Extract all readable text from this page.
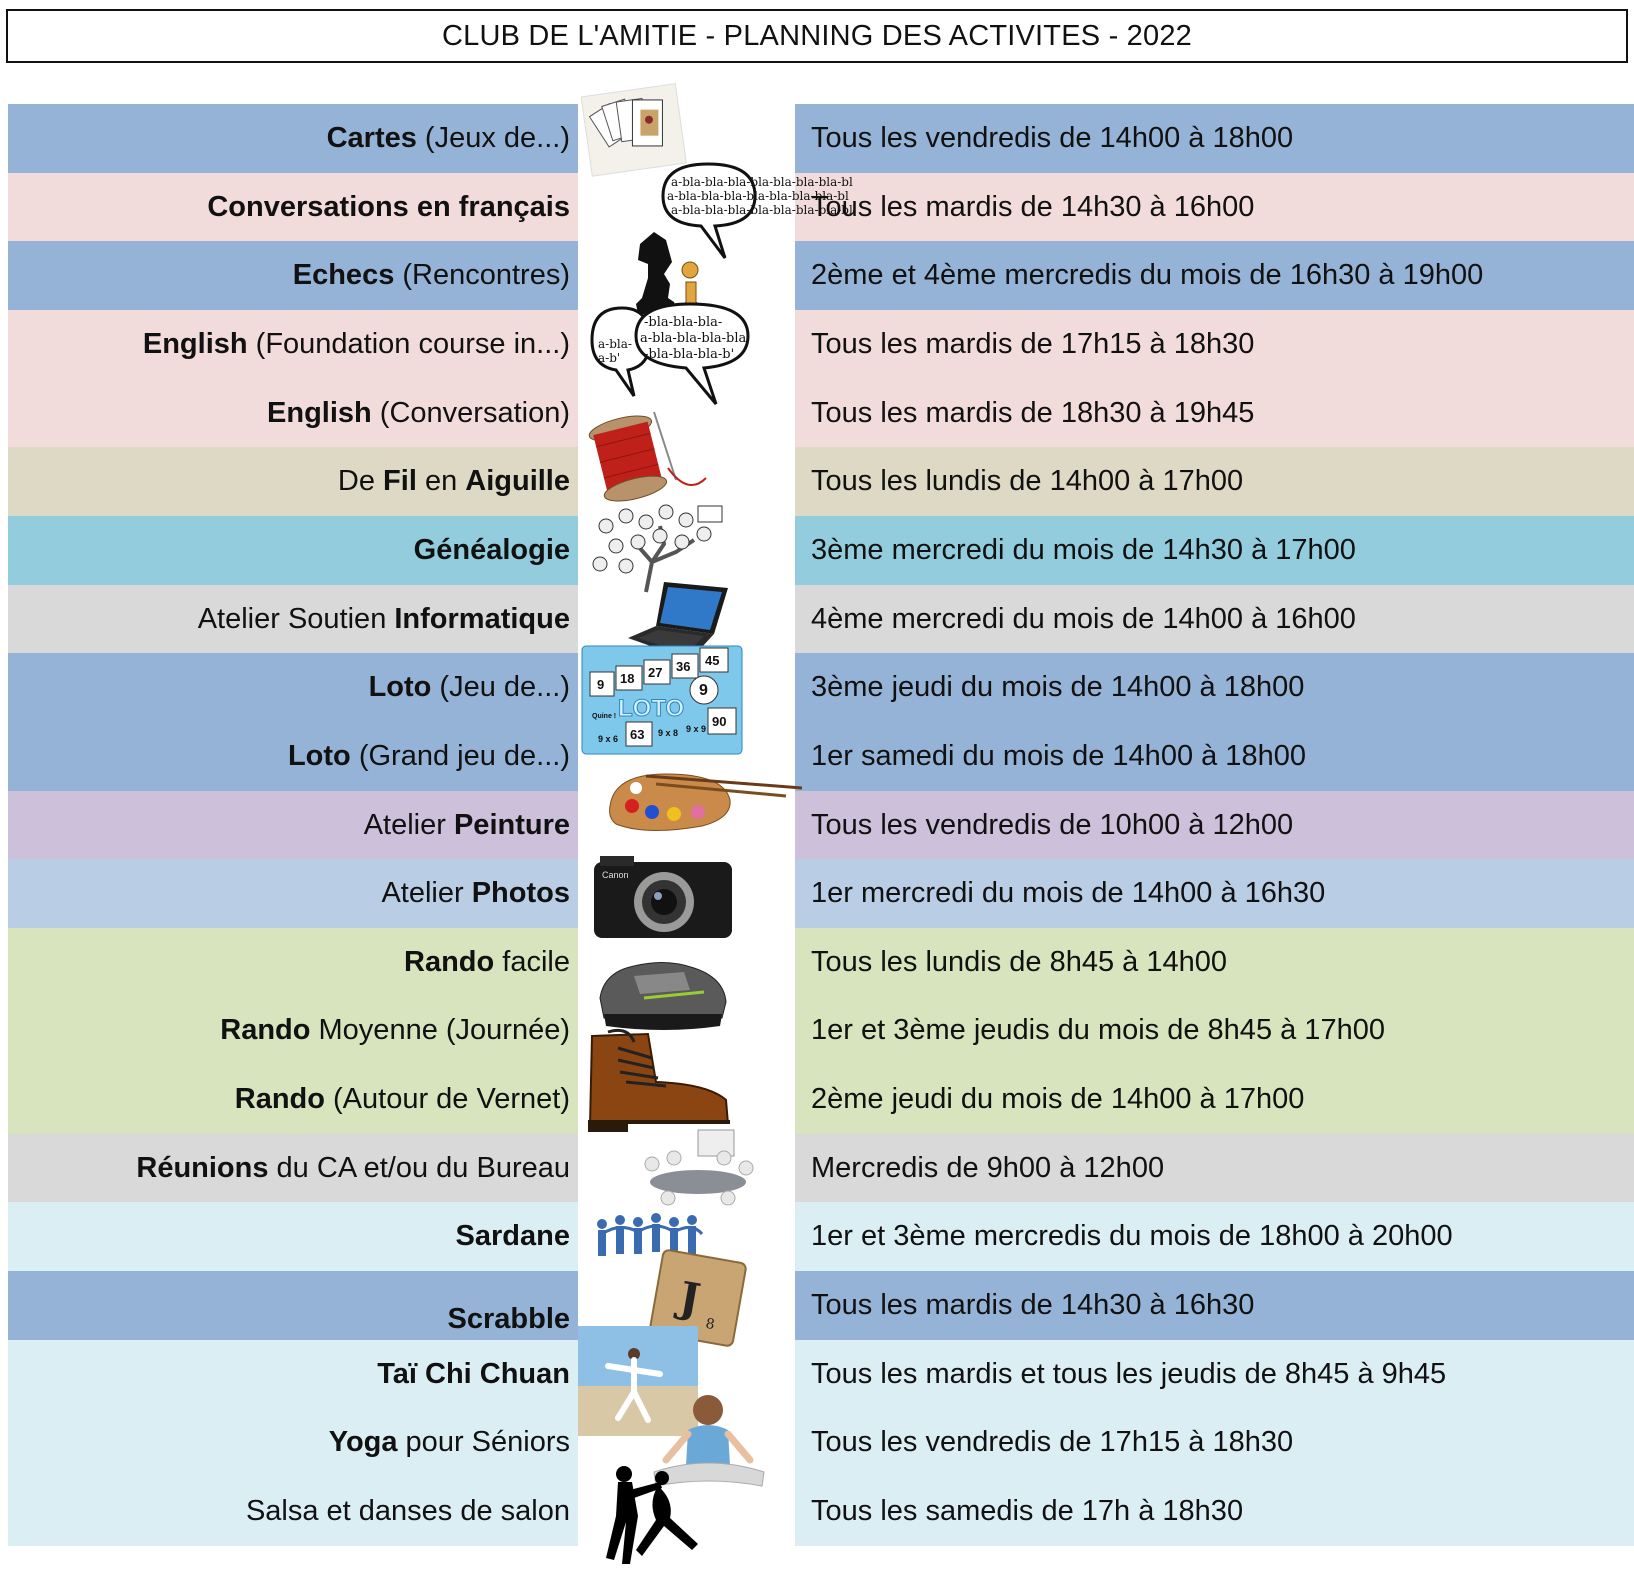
CLUB DE L'AMITIE - PLANNING DES ACTIVITES - 2022
Cartes (Jeux de...)	Tous les vendredis de 14h00 à 18h00
Conversations en français	Tous les mardis de 14h30 à 16h00
Echecs (Rencontres)	2ème et 4ème mercredis du mois de 16h30 à 19h00
English (Foundation course in...)	Tous les mardis de 17h15 à 18h30
English (Conversation)	Tous les mardis de 18h30 à 19h45
De Fil en Aiguille	Tous les lundis de 14h00 à 17h00
Généalogie	3ème mercredi du mois de 14h30 à 17h00
Atelier Soutien Informatique	4ème mercredi du mois de 14h00 à 16h00
Loto (Jeu de...)	3ème jeudi du mois de 14h00 à 18h00
Loto (Grand jeu de...)	1er samedi du mois de 14h00 à 18h00
Atelier Peinture	Tous les vendredis de 10h00 à 12h00
Atelier Photos	1er mercredi du mois de 14h00 à 16h30
Rando facile	Tous les lundis de 8h45 à 14h00
Rando Moyenne (Journée)	1er et 3ème jeudis du mois de 8h45 à 17h00
Rando (Autour de Vernet)	2ème jeudi du mois de 14h00 à 17h00
Réunions du CA et/ou du Bureau	Mercredis de 9h00 à 12h00
Sardane	1er et 3ème mercredis du mois de 18h00 à 20h00
Scrabble	Tous les mardis de 14h30 à 16h30
Taï Chi Chuan	Tous les mardis et tous les jeudis de 8h45 à 9h45
Yoga pour Séniors	Tous les vendredis de 17h15 à 18h30
Salsa et danses de salon	Tous les samedis de 17h à 18h30
a-bla-bla-bla-bla-bla-bla-bla-bl
a-bla-bla-bla-bla-bla-bla-bla-bl
a-bla-bla-bla-bla-bla-bla-bla-bl
a-bla-
a-b'
-bla-bla-bla-
a-bla-bla-bla-bla
-bla-bla-bla-b'
9 18 27 36 45
9
63 9 x 8 9 x 9 90
9 x 6
Quine ! LOTO
Canon
J
8
